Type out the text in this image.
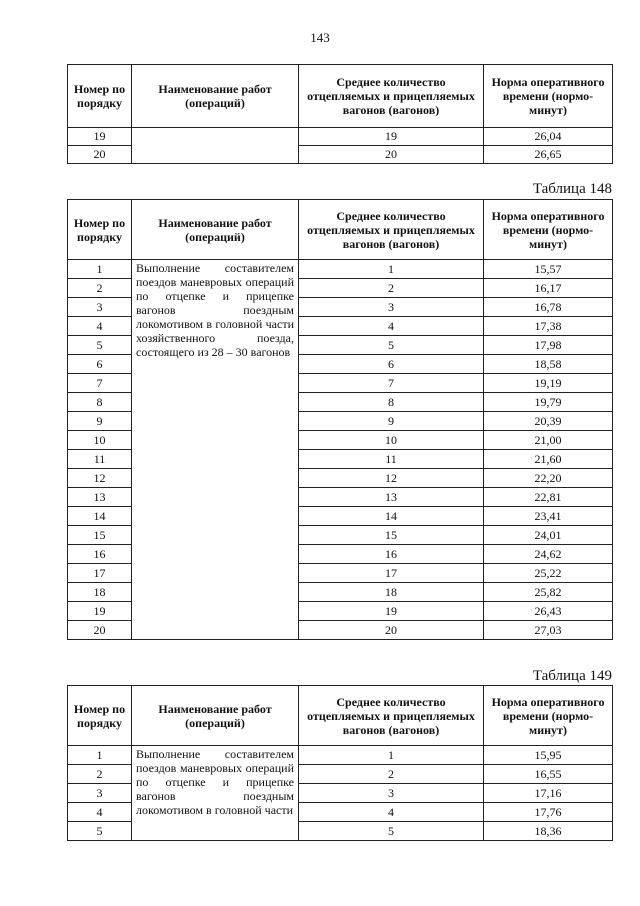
143
Номер по порядку	Наименование работ (операций)	Среднее количество отцепляемых и прицепляемых вагонов (вагонов)	Норма оперативного времени (нормо-минут)
19		19	26,04
20		20	26,65
Таблица 148
Номер по порядку	Наименование работ (операций)	Среднее количество отцепляемых и прицепляемых вагонов (вагонов)	Норма оперативного времени (нормо-минут)
1	Выполнение составителем поездов маневровых операций по отцепке и прицепке вагонов поездным локомотивом в головной части хозяйственного поезда, состоящего из 28 – 30 вагонов	1	15,57
2		2	16,17
3		3	16,78
4		4	17,38
5		5	17,98
6		6	18,58
7		7	19,19
8		8	19,79
9		9	20,39
10		10	21,00
11		11	21,60
12		12	22,20
13		13	22,81
14		14	23,41
15		15	24,01
16		16	24,62
17		17	25,22
18		18	25,82
19		19	26,43
20		20	27,03
Таблица 149
Номер по порядку	Наименование работ (операций)	Среднее количество отцепляемых и прицепляемых вагонов (вагонов)	Норма оперативного времени (нормо-минут)
1	Выполнение составителем поездов маневровых операций по отцепке и прицепке вагонов поездным локомотивом в головной части	1	15,95
2		2	16,55
3		3	17,16
4		4	17,76
5		5	18,36
